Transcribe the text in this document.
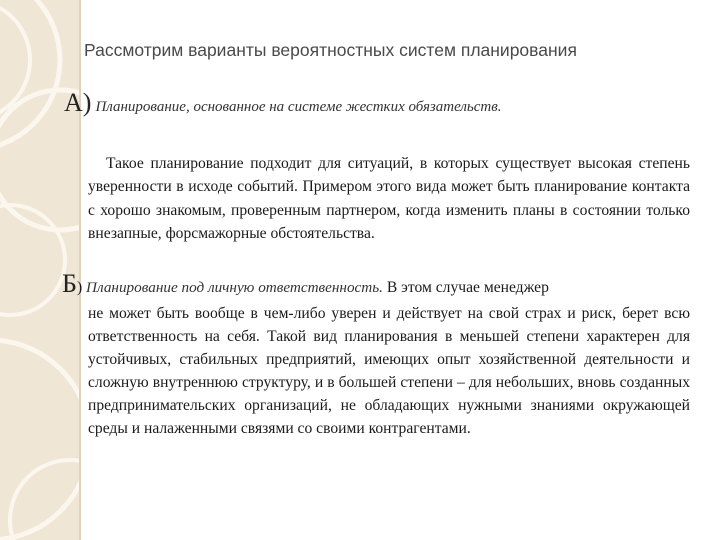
Рассмотрим варианты вероятностных систем планирования
А) Планирование, основанное на системе жестких обязательств.
Такое планирование подходит для ситуаций, в которых существует высокая степень уверенности в исходе событий. Примером этого вида может быть планирование контакта с хорошо знакомым, проверенным партнером, когда изменить планы в состоянии только внезапные, форсмажорные обстоятельства.
Б) Планирование под личную ответственность. В этом случае менеджер
не может быть вообще в чем-либо уверен и действует на свой страх и риск, берет всю ответственность на себя. Такой вид планирования в меньшей степени характерен для устойчивых, стабильных предприятий, имеющих опыт хозяйственной деятельности и сложную внутреннюю структуру, и в большей степени – для небольших, вновь созданных предпринимательских организаций, не обладающих нужными знаниями окружающей среды и налаженными связями со своими контрагентами.
